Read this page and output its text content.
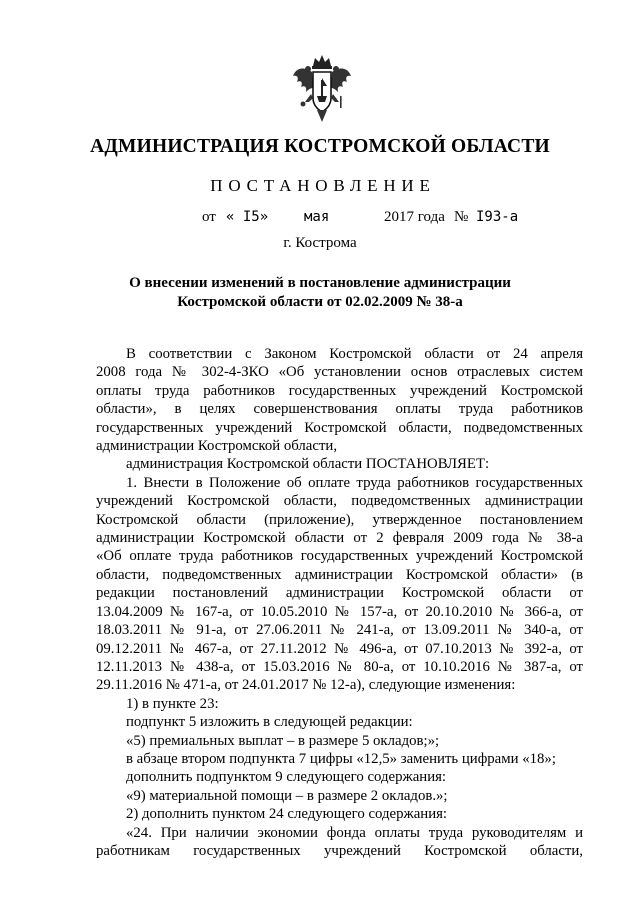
АДМИНИСТРАЦИЯ КОСТРОМСКОЙ ОБЛАСТИ
ПОСТАНОВЛЕНИЕ
от « I5»	мая	2017 года № I93-а
г. Кострома
О внесении изменений в постановление администрации
Костромской области от 02.02.2009 № 38-а

В соответствии с Законом Костромской области от 24 апреля

2008 года № 302-4-ЗКО «Об установлении основ отраслевых систем

оплаты труда работников государственных учреждений Костромской

области», в целях совершенствования оплаты труда работников

государственных учреждений Костромской области, подведомственных

администрации Костромской области,

администрация Костромской области ПОСТАНОВЛЯЕТ:

1. Внести в Положение об оплате труда работников государственных

учреждений Костромской области, подведомственных администрации

Костромской области (приложение), утвержденное постановлением

администрации Костромской области от 2 февраля 2009 года № 38-а

«Об оплате труда работников государственных учреждений Костромской

области, подведомственных администрации Костромской области» (в

редакции постановлений администрации Костромской области от

13.04.2009 № 167-а, от 10.05.2010 № 157-а, от 20.10.2010 № 366-а, от

18.03.2011 № 91-а, от 27.06.2011 № 241-а, от 13.09.2011 № 340-а, от

09.12.2011 № 467-а, от 27.11.2012 № 496-а, от 07.10.2013 № 392-а, от

12.11.2013 № 438-а, от 15.03.2016 № 80-а, от 10.10.2016 № 387-а, от

29.11.2016 № 471-а, от 24.01.2017 № 12-а), следующие изменения:

1) в пункте 23:

подпункт 5 изложить в следующей редакции:

«5) премиальных выплат – в размере 5 окладов;»;

в абзаце втором подпункта 7 цифры «12,5» заменить цифрами «18»;

дополнить подпунктом 9 следующего содержания:

«9) материальной помощи – в размере 2 окладов.»;

2) дополнить пунктом 24 следующего содержания:

«24. При наличии экономии фонда оплаты труда руководителям и

работникам государственных учреждений Костромской области,
